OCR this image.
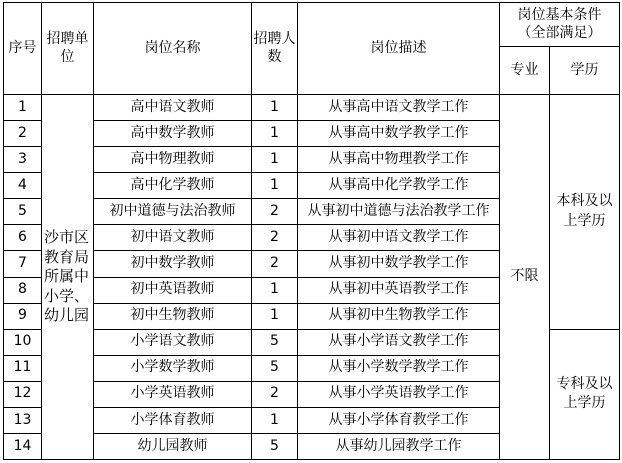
序号	招聘单位	岗位名称	招聘人数	岗位描述	岗位基本条件（全部满足）	
					专业	学历
1	沙市区教育局所属中小学、幼儿园	高中语文教师	1	从事高中语文教学工作	不限	本科及以上学历
2		高中数学教师	1	从事高中数学教学工作		
3		高中物理教师	1	从事高中物理教学工作		
4		高中化学教师	1	从事高中化学教学工作		
5		初中道德与法治教师	2	从事初中道德与法治教学工作		
6		初中语文教师	2	从事初中语文教学工作		
7		初中数学教师	2	从事初中数学教学工作		
8		初中英语教师	1	从事初中英语教学工作		
9		初中生物教师	1	从事初中生物教学工作		
10		小学语文教师	5	从事小学语文教学工作		专科及以上学历
11		小学数学教师	5	从事小学数学教学工作		
12		小学英语教师	2	从事小学英语教学工作		
13		小学体育教师	1	从事小学体育教学工作		
14		幼儿园教师	5	从事幼儿园教学工作		
